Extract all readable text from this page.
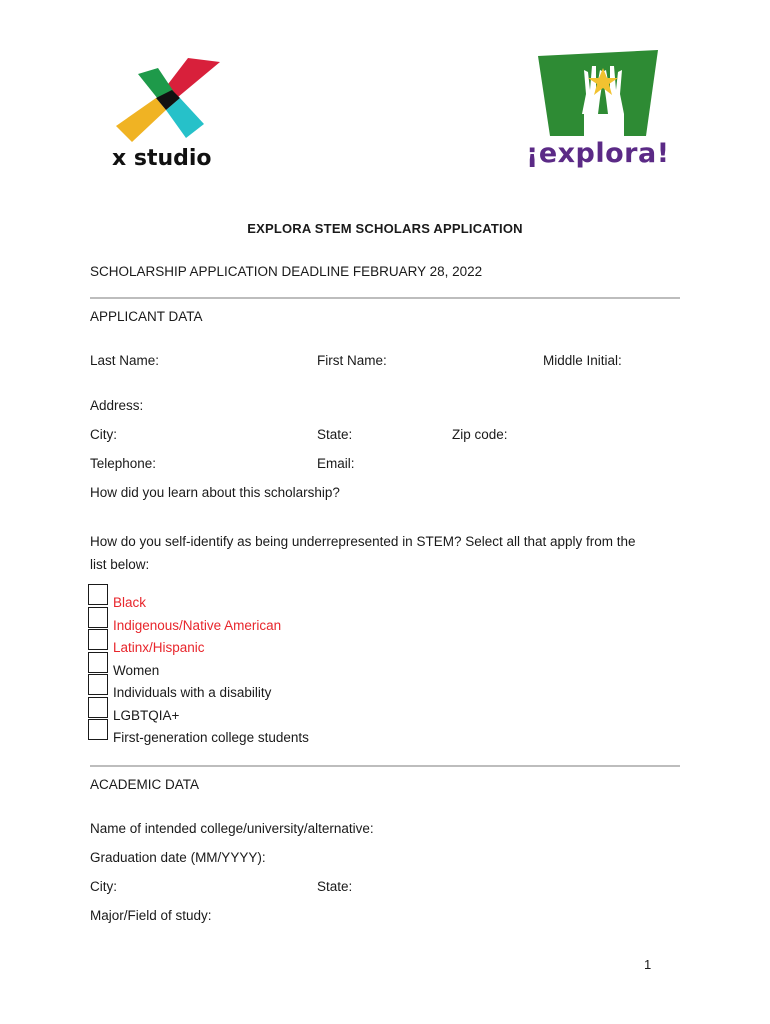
x studio	¡explora!
EXPLORA STEM SCHOLARS APPLICATION
SCHOLARSHIP APPLICATION DEADLINE FEBRUARY 28, 2022
APPLICANT DATA
Last Name:	First Name:	Middle Initial:
Address:
City:	State:	Zip code:
Telephone:	Email:
How did you learn about this scholarship?
How do you self-identify as being underrepresented in STEM? Select all that apply from the
list below:
Black
Indigenous/Native American
Latinx/Hispanic
Women
Individuals with a disability
LGBTQIA+
First-generation college students
ACADEMIC DATA
Name of intended college/university/alternative:
Graduation date (MM/YYYY):
City:	State:
Major/Field of study:
1
